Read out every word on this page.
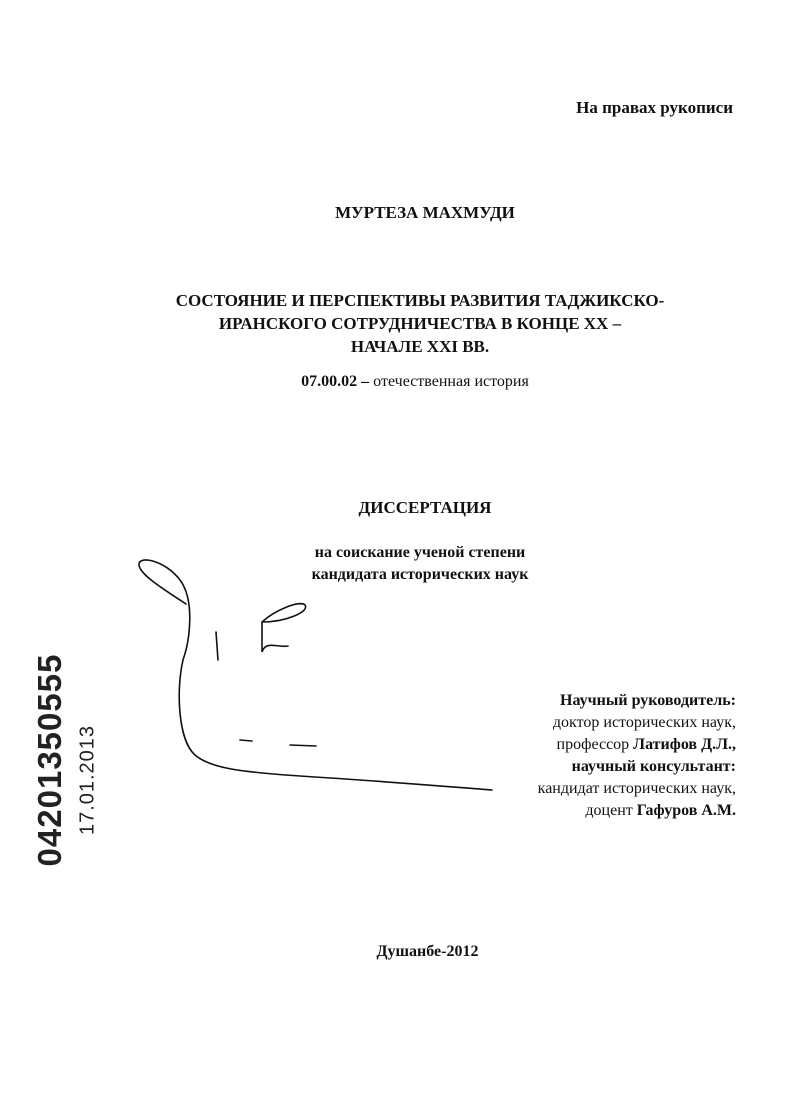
На правах рукописи
МУРТЕЗА МАХМУДИ
СОСТОЯНИЕ И ПЕРСПЕКТИВЫ РАЗВИТИЯ ТАДЖИКСКО-
ИРАНСКОГО СОТРУДНИЧЕСТВА В КОНЦЕ XX –
НАЧАЛЕ XXI ВВ.
07.00.02 – отечественная история
ДИССЕРТАЦИЯ
на соискание ученой степени
кандидата исторических наук
Научный руководитель:
доктор исторических наук,
профессор Латифов Д.Л.,
научный консультант:
кандидат исторических наук,
доцент Гафуров А.М.
Душанбе-2012
04201350555 17.01.2013
